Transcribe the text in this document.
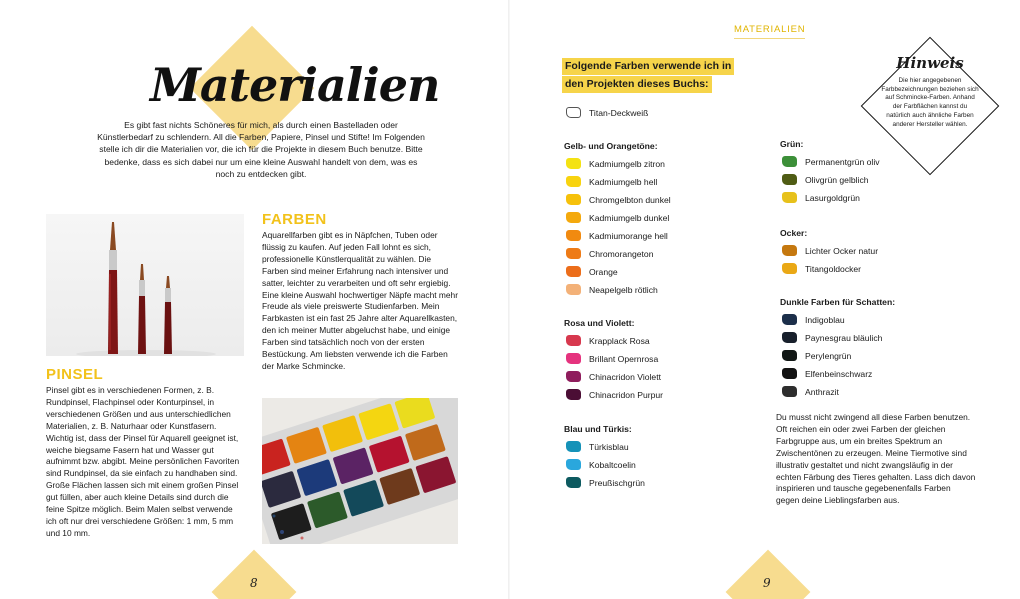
Materialien
Es gibt fast nichts Schöneres für mich, als durch einen Bastelladen oder Künstlerbedarf zu schlendern. All die Farben, Papiere, Pinsel und Stifte! Im Folgenden stelle ich dir die Materialien vor, die ich für die Projekte in diesem Buch benutze. Bitte bedenke, dass es sich dabei nur um eine kleine Auswahl handelt von dem, was es noch zu entdecken gibt.
FARBEN
Aquarellfarben gibt es in Näpfchen, Tuben oder flüssig zu kaufen. Auf jeden Fall lohnt es sich, professionelle Künstlerqualität zu wählen. Die Farben sind meiner Erfahrung nach intensiver und satter, leichter zu verarbeiten und oft sehr ergiebig. Eine kleine Auswahl hochwertiger Näpfe macht mehr Freude als viele preiswerte Studienfarben. Mein Farbkasten ist ein fast 25 Jahre alter Aquarellkasten, den ich meiner Mutter abgeluchst habe, und einige Farben sind tatsächlich noch von der ersten Bestückung. Am liebsten verwende ich die Farben der Marke Schmincke.
PINSEL
Pinsel gibt es in verschiedenen Formen, z. B. Rundpinsel, Flachpinsel oder Konturpinsel, in verschiedenen Größen und aus unterschiedlichen Materialien, z. B. Naturhaar oder Kunstfasern. Wichtig ist, dass der Pinsel für Aquarell geeignet ist, weiche biegsame Fasern hat und Wasser gut aufnimmt bzw. abgibt. Meine persönlichen Favoriten sind Rundpinsel, da sie einfach zu handhaben sind. Große Flächen lassen sich mit einem großen Pinsel gut füllen, aber auch kleine Details sind durch die feine Spitze möglich. Beim Malen selbst verwende ich oft nur drei verschiedene Größen: 1 mm, 5 mm und 10 mm.
8
MATERIALIEN
Folgende Farben verwende ich in
den Projekten dieses Buchs:
Titan-Deckweiß
Gelb- und Orangetöne:
Kadmiumgelb zitron
Kadmiumgelb hell
Chromgelbton dunkel
Kadmiumgelb dunkel
Kadmiumorange hell
Chromorangeton
Orange
Neapelgelb rötlich
Rosa und Violett:
Krapplack Rosa
Brillant Opernrosa
Chinacridon Violett
Chinacridon Purpur
Blau und Türkis:
Türkisblau
Kobaltcoelin
Preußischgrün
Grün:
Permanentgrün oliv
Olivgrün gelblich
Lasurgoldgrün
Ocker:
Lichter Ocker natur
Titangoldocker
Dunkle Farben für Schatten:
Indigoblau
Paynesgrau bläulich
Perylengrün
Elfenbeinschwarz
Anthrazit
Du musst nicht zwingend all diese Farben benutzen. Oft reichen ein oder zwei Farben der gleichen Farbgruppe aus, um ein breites Spektrum an Zwischentönen zu erzeugen. Meine Tiermotive sind illustrativ gestaltet und nicht zwangsläufig in der echten Färbung des Tieres gehalten. Lass dich davon inspirieren und tausche gegebenenfalls Farben gegen deine Lieblingsfarben aus.
Hinweis
Die hier angegebenen Farbbezeichnungen beziehen sich auf Schmincke-Farben. Anhand der Farbflächen kannst du natürlich auch ähnliche Farben anderer Hersteller wählen.
9
